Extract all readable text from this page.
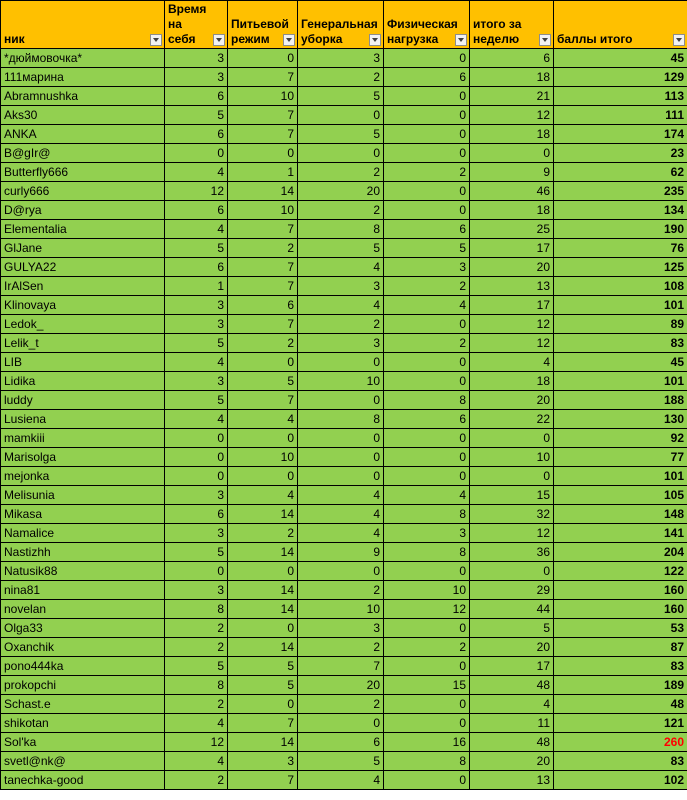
ник	Время на себя	Питьевой режим	Генеральная уборка	Физическая нагрузка	итого за неделю	баллы итого

*дюймовочка*	3	0	3	0	6	45
111марина	3	7	2	6	18	129
Abramnushka	6	10	5	0	21	113
Aks30	5	7	0	0	12	111
ANKA	6	7	5	0	18	174
B@gIr@	0	0	0	0	0	23
Butterfly666	4	1	2	2	9	62
curly666	12	14	20	0	46	235
D@rya	6	10	2	0	18	134
Elementalia	4	7	8	6	25	190
GlJane	5	2	5	5	17	76
GULYA22	6	7	4	3	20	125
IrAlSen	1	7	3	2	13	108
Klinovaya	3	6	4	4	17	101
Ledok_	3	7	2	0	12	89
Lelik_t	5	2	3	2	12	83
LIB	4	0	0	0	4	45
Lidika	3	5	10	0	18	101
luddy	5	7	0	8	20	188
Lusiena	4	4	8	6	22	130
mamkiii	0	0	0	0	0	92
Marisolga	0	10	0	0	10	77
mejonka	0	0	0	0	0	101
Melisunia	3	4	4	4	15	105
Mikasa	6	14	4	8	32	148
Namalice	3	2	4	3	12	141
Nastizhh	5	14	9	8	36	204
Natusik88	0	0	0	0	0	122
nina81	3	14	2	10	29	160
novelan	8	14	10	12	44	160
Olga33	2	0	3	0	5	53
Oxanchik	2	14	2	2	20	87
pono444ka	5	5	7	0	17	83
prokopchi	8	5	20	15	48	189
Schast.e	2	0	2	0	4	48
shikotan	4	7	0	0	11	121
Sol'ka	12	14	6	16	48	260
svetl@nk@	4	3	5	8	20	83
tanechka-good	2	7	4	0	13	102
